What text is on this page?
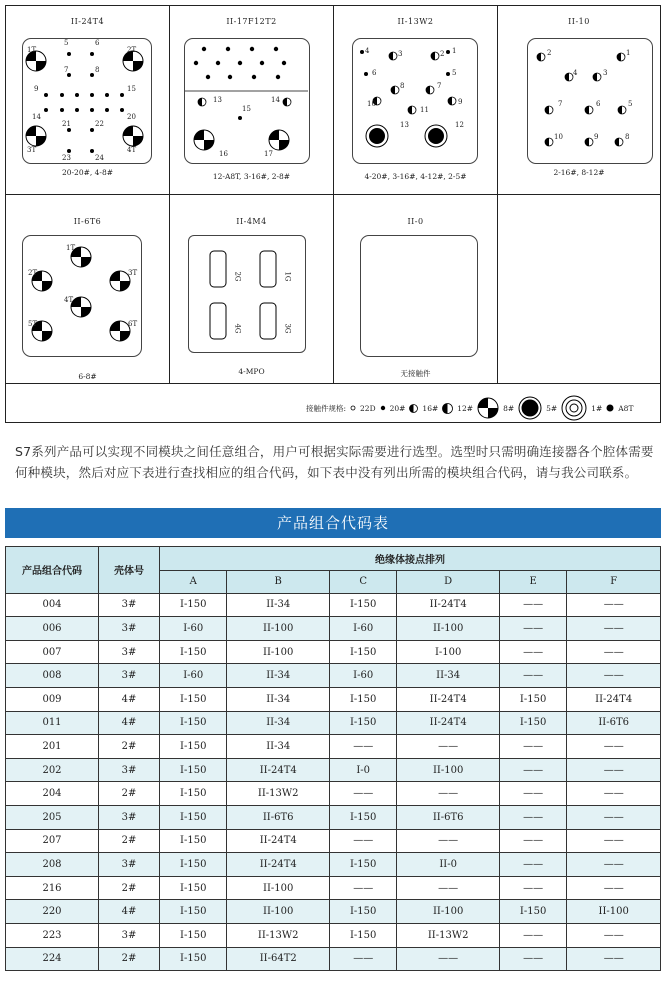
II-24T4
1T	2T
3T	4T
5	6
7	8
9	15
14	20
21	22
23	24
20-20#, 4-8#
II-17F12T2
13	14
15
16	17
12-A8T, 3-16#, 2-8#
II-13W2
4	3	2 1
6	5
8	7
10	9
11
13	12
4-20#, 3-16#, 4-12#, 2-5#
II-10
2	1
4	3
7	6	5
10	9	8
2-16#, 8-12#
II-6T6
1T
2T	3T
4T
5T	6T
6-8#
II-4M4
2G	1G
4G	3G
4-MPO
II-0
无接触件
接触件规格: 22D 20# 16#	12#	8#	5#	1# A8T
S7系列产品可以实现不同模块之间任意组合，用户可根据实际需要进行选型。选型时只需明确连接器各个腔体需要何种模块，然后对应下表进行查找相应的组合代码，如下表中没有列出所需的模块组合代码，请与我公司联系。
产品组合代码表
产品组合代码	壳体号	绝缘体接点排列					
		A	B	C	D	E	F
004	3#	I-150	II-34	I-150	II-24T4	——	——
006	3#	I-60	II-100	I-60	II-100	——	——
007	3#	I-150	II-100	I-150	I-100	——	——
008	3#	I-60	II-34	I-60	II-34	——	——
009	4#	I-150	II-34	I-150	II-24T4	I-150	II-24T4
011	4#	I-150	II-34	I-150	II-24T4	I-150	II-6T6
201	2#	I-150	II-34	——	——	——	——
202	3#	I-150	II-24T4	I-0	II-100	——	——
204	2#	I-150	II-13W2	——	——	——	——
205	3#	I-150	II-6T6	I-150	II-6T6	——	——
207	2#	I-150	II-24T4	——	——	——	——
208	3#	I-150	II-24T4	I-150	II-0	——	——
216	2#	I-150	II-100	——	——	——	——
220	4#	I-150	II-100	I-150	II-100	I-150	II-100
223	3#	I-150	II-13W2	I-150	II-13W2	——	——
224	2#	I-150	II-64T2	——	——	——	——
